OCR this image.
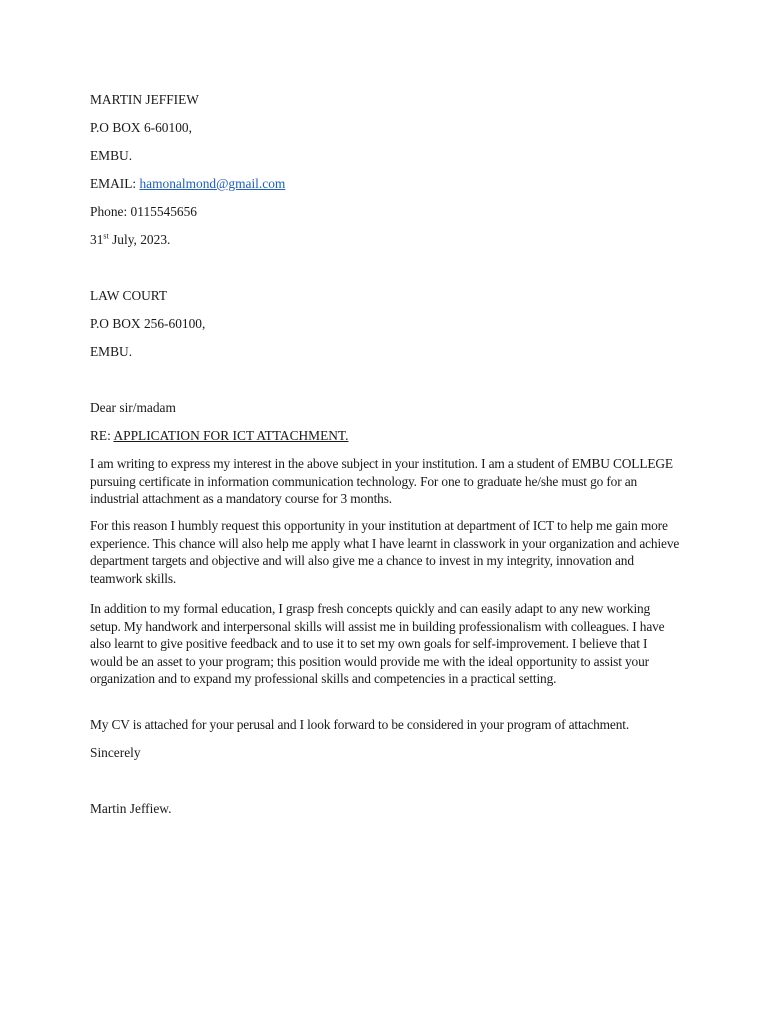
MARTIN JEFFIEW
P.O BOX 6-60100,
EMBU.
EMAIL: hamonalmond@gmail.com
Phone: 0115545656
31st July, 2023.
LAW COURT
P.O BOX 256-60100,
EMBU.
Dear sir/madam
RE: APPLICATION FOR ICT ATTACHMENT.
I am writing to express my interest in the above subject in your institution. I am a student of EMBU COLLEGE pursuing certificate in information communication technology. For one to graduate he/she must go for an industrial attachment as a mandatory course for 3 months.
For this reason I humbly request this opportunity in your institution at department of ICT to help me gain more experience. This chance will also help me apply what I have learnt in classwork in your organization and achieve department targets and objective and will also give me a chance to invest in my integrity, innovation and teamwork skills.
In addition to my formal education, I grasp fresh concepts quickly and can easily adapt to any new working setup. My handwork and interpersonal skills will assist me in building professionalism with colleagues. I have also learnt to give positive feedback and to use it to set my own goals for self-improvement. I believe that I would be an asset to your program; this position would provide me with the ideal opportunity to assist your organization and to expand my professional skills and competencies in a practical setting.
My CV is attached for your perusal and I look forward to be considered in your program of attachment.
Sincerely
Martin Jeffiew.
